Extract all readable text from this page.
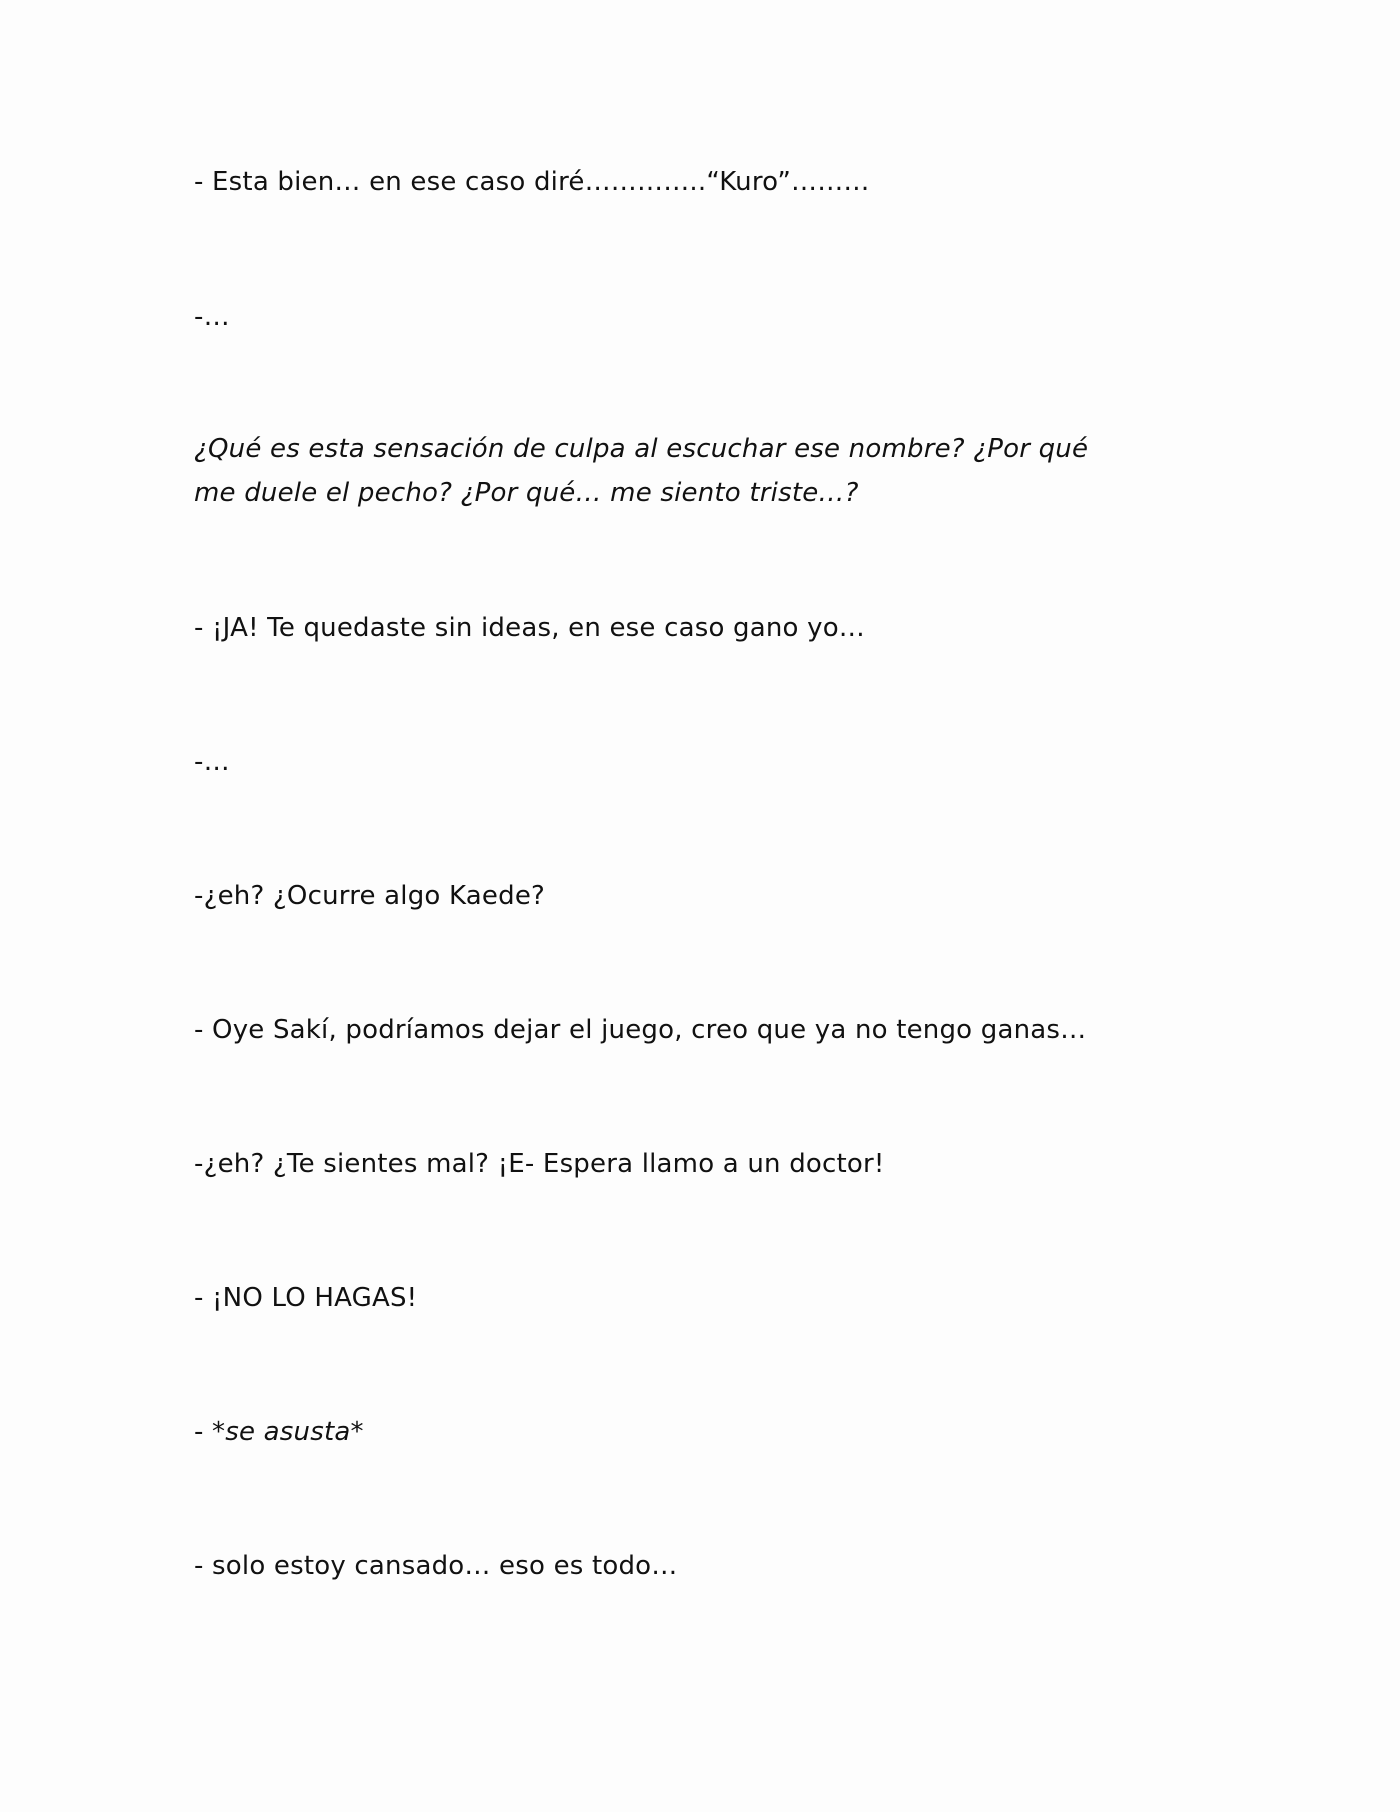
- Esta bien… en ese caso diré…………..“Kuro”………

-…

¿Qué es esta sensación de culpa al escuchar ese nombre? ¿Por qué me duele el pecho? ¿Por qué… me siento triste…?

- ¡JA! Te quedaste sin ideas, en ese caso gano yo…

-…

-¿eh? ¿Ocurre algo Kaede?

- Oye Sakí, podríamos dejar el juego, creo que ya no tengo ganas…

-¿eh? ¿Te sientes mal? ¡E- Espera llamo a un doctor!

- ¡NO LO HAGAS!

- *se asusta*

- solo estoy cansado… eso es todo…
